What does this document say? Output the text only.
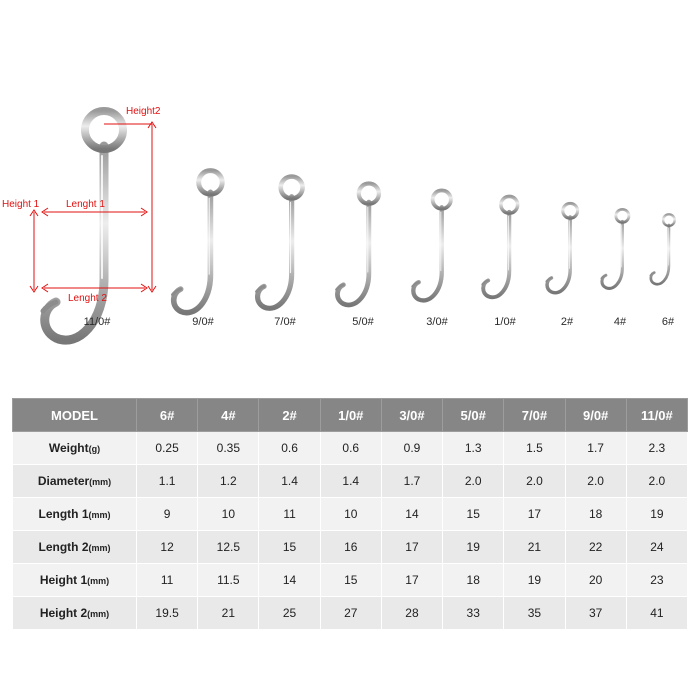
Height2
Height 1	Lenght 1
Lenght 2
11/0#	9/0#	7/0#	5/0#	3/0#	1/0#	2#	4#	6#
MODEL	6#	4#	2#	1/0#	3/0#	5/0#	7/0#	9/0#	11/0#
Weight(g)	0.25	0.35	0.6	0.6	0.9	1.3	1.5	1.7	2.3
Diameter(mm)	1.1	1.2	1.4	1.4	1.7	2.0	2.0	2.0	2.0
Length 1(mm)	9	10	11	10	14	15	17	18	19
Length 2(mm)	12	12.5	15	16	17	19	21	22	24
Height 1(mm)	11	11.5	14	15	17	18	19	20	23
Height 2(mm)	19.5	21	25	27	28	33	35	37	41
